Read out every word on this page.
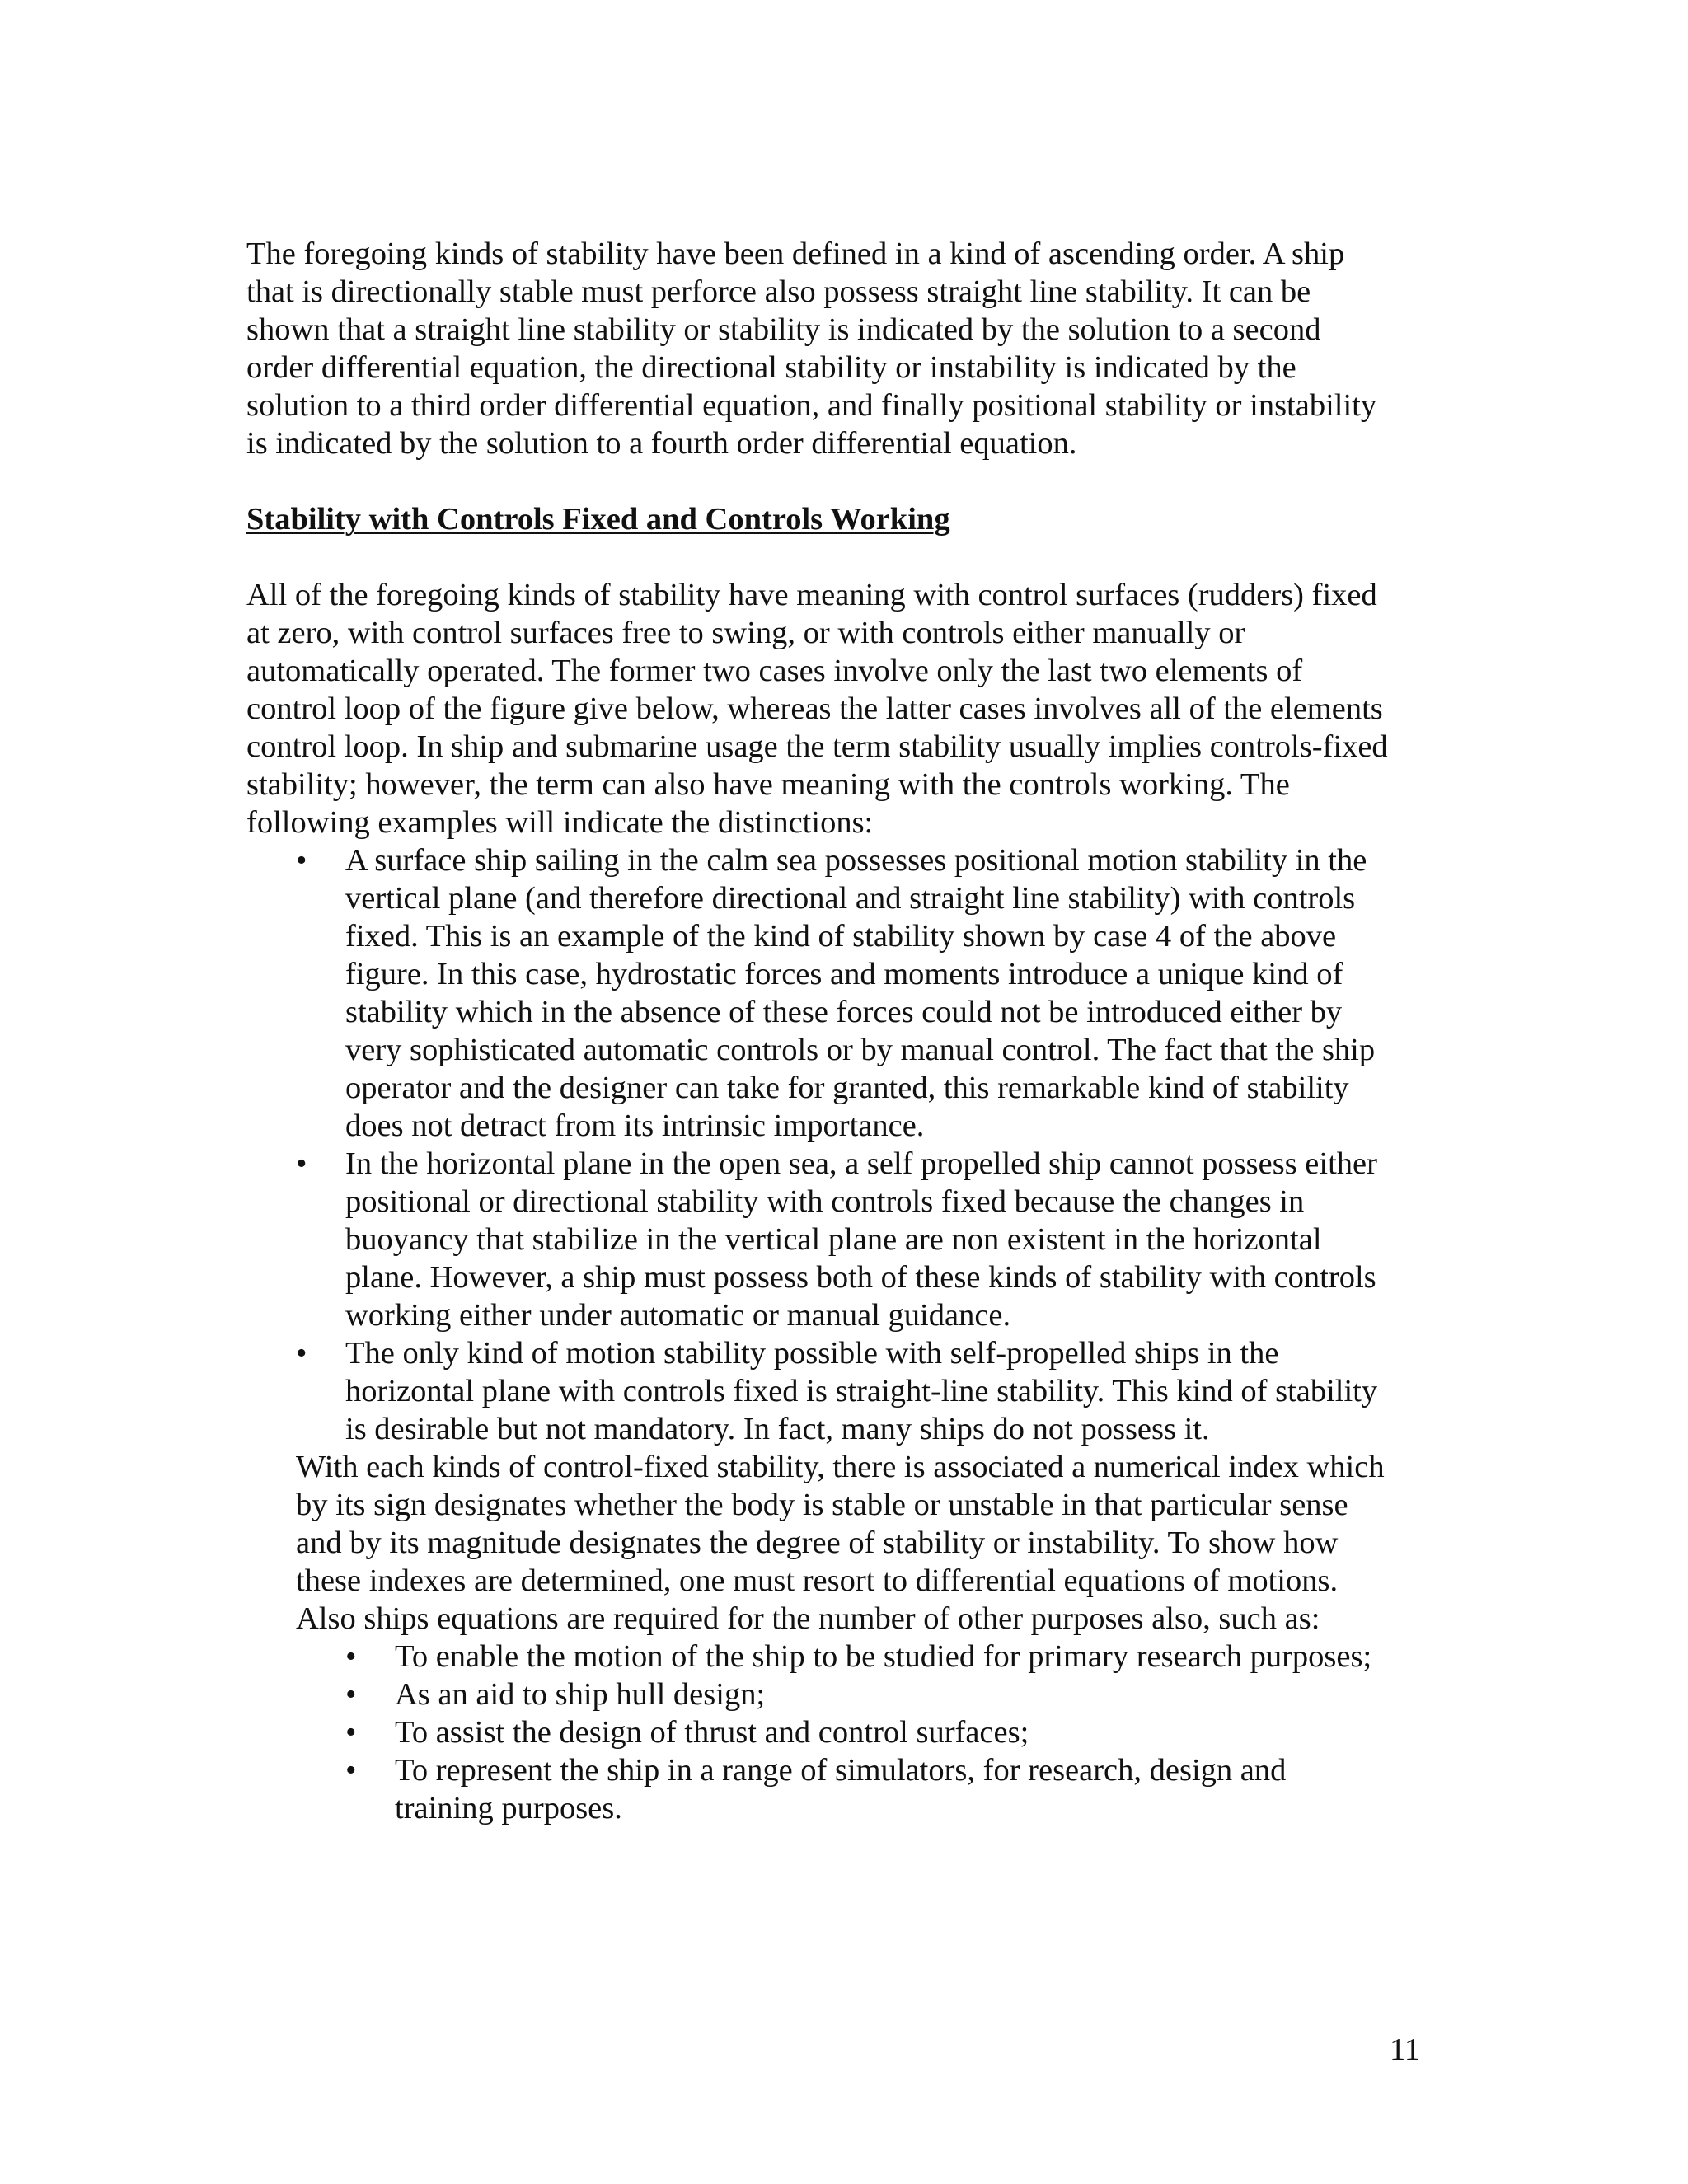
The foregoing kinds of stability have been defined in a kind of ascending order. A ship
that is directionally stable must perforce also possess straight line stability. It can be
shown that a straight line stability or stability is indicated by the solution to a second
order differential equation, the directional stability or instability is indicated by the
solution to a third order differential equation, and finally positional stability or instability
is indicated by the solution to a fourth order differential equation.

Stability with Controls Fixed and Controls Working

All of the foregoing kinds of stability have meaning with control surfaces (rudders) fixed
at zero, with control surfaces free to swing, or with controls either manually or
automatically operated. The former two cases involve only the last two elements of
control loop of the figure give below, whereas the latter cases involves all of the elements
control loop. In ship and submarine usage the term stability usually implies controls-fixed
stability; however, the term can also have meaning with the controls working. The
following examples will indicate the distinctions:

• A surface ship sailing in the calm sea possesses positional motion stability in the
vertical plane (and therefore directional and straight line stability) with controls
fixed. This is an example of the kind of stability shown by case 4 of the above
figure. In this case, hydrostatic forces and moments introduce a unique kind of
stability which in the absence of these forces could not be introduced either by
very sophisticated automatic controls or by manual control. The fact that the ship
operator and the designer can take for granted, this remarkable kind of stability
does not detract from its intrinsic importance.
• In the horizontal plane in the open sea, a self propelled ship cannot possess either
positional or directional stability with controls fixed because the changes in
buoyancy that stabilize in the vertical plane are non existent in the horizontal
plane. However, a ship must possess both of these kinds of stability with controls
working either under automatic or manual guidance.
• The only kind of motion stability possible with self-propelled ships in the
horizontal plane with controls fixed is straight-line stability. This kind of stability
is desirable but not mandatory. In fact, many ships do not possess it.

With each kinds of control-fixed stability, there is associated a numerical index which
by its sign designates whether the body is stable or unstable in that particular sense
and by its magnitude designates the degree of stability or instability. To show how
these indexes are determined, one must resort to differential equations of motions.
Also ships equations are required for the number of other purposes also, such as:

• To enable the motion of the ship to be studied for primary research purposes;
• As an aid to ship hull design;
• To assist the design of thrust and control surfaces;
• To represent the ship in a range of simulators, for research, design and
training purposes.
11
